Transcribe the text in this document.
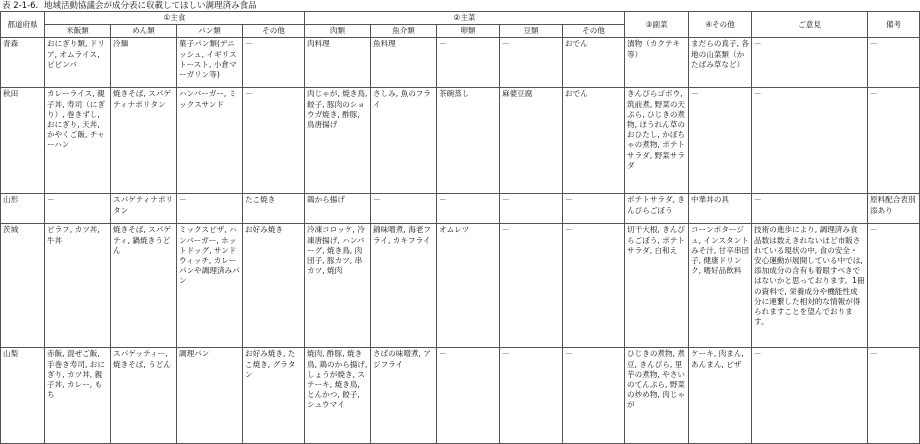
表 2-1-6．地域活動協議会が成分表に収載してほしい調理済み食品
都道府県	①主食				②主菜					③副菜	④その他	ご意見	備考
	米飯類	めん類	パン類	その他	肉類	魚介類	卵類	豆類	その他				
青森	おにぎり類, ドリア, オムライス, ビビンバ	冷麺	菓子パン類(デニッシュ, イギリストースト, 小倉マーガリン等)	－	肉料理	魚料理	－	－	おでん	漬物（カクテキ等）	まだらの真子, 各地の山菜類（かたばみ草など）	－	－
秋田	カレーライス, 親子丼, 寿司（にぎり）, 巻きずし, おにぎり, 天丼, かやくご飯, チャーハン	焼きそば, スパゲティナポリタン	ハンバーガー, ミックスサンド	－	肉じゃが, 焼き鳥, 餃子, 豚肉のショウガ焼き, 酢豚, 鳥唐揚げ	さしみ, 魚のフライ	茶碗蒸し	麻婆豆腐	おでん	きんぴらゴボウ, 筑前煮, 野菜の天ぷら, ひじきの煮物, ほうれん草のおひたし, かぼちゃの煮物, ポテトサラダ, 野菜サラダ	－	－	－
山形	－	スパゲティナポリタン	－	たこ焼き	鶏から揚げ	－	－	－	－	ポテトサラダ, きんぴらごぼう	中華丼の具	－	原料配合表別添あり
茨城	ピラフ, カツ丼, 牛丼	焼きそば, スパゲティ, 鍋焼きうどん	ミックスピザ, ハンバーガー, ホットドッグ, サンドウィッチ, カレーパンや調理済みパン	お好み焼き	冷凍コロッケ, 冷凍唐揚げ, ハンバーグ, 焼き鳥, 肉団子, 豚カツ, 串カツ, 焼肉	錦味噌煮, 海老フライ, カキフライ	オムレツ	－	－	切干大根, きんぴらごぼう, ポテトサラダ, 白和え	コーンポタージュ, インスタントみそ汁, 甘辛串団子, 健康ドリンク, 嗜好品飲料	技術の進歩により, 調理済み食品数は数えきれないほど市販されている現状の中, 食の安全・安心運動が展開している中では, 添加成分の含有も着眼すべきではないかと思っております。1冊の資料で, 栄養成分や機能性成分に連繋した相対的な情報が得られますことを望んでおります。	－
山梨	赤飯, 混ぜご飯, 手巻き寿司, おにぎり, カツ丼, 親子丼, カレー, もち	スパゲッティー, 焼きそば, うどん	調理パン	お好み焼き, たこ焼き, グラタン	焼肉, 酢豚, 焼き鳥, 鶏のから揚げ, しょうが焼き, ステーキ, 焼き鳥, とんかつ, 餃子, シュウマイ	さばの味噌煮, アジフライ	－	－	－	ひじきの煮物, 煮豆, きんぴら, 里芋の煮物, やさいのてんぷら, 野菜の炒め物, 肉じゃが	ケーキ, 肉まん, あんまん, ピザ	－	－
